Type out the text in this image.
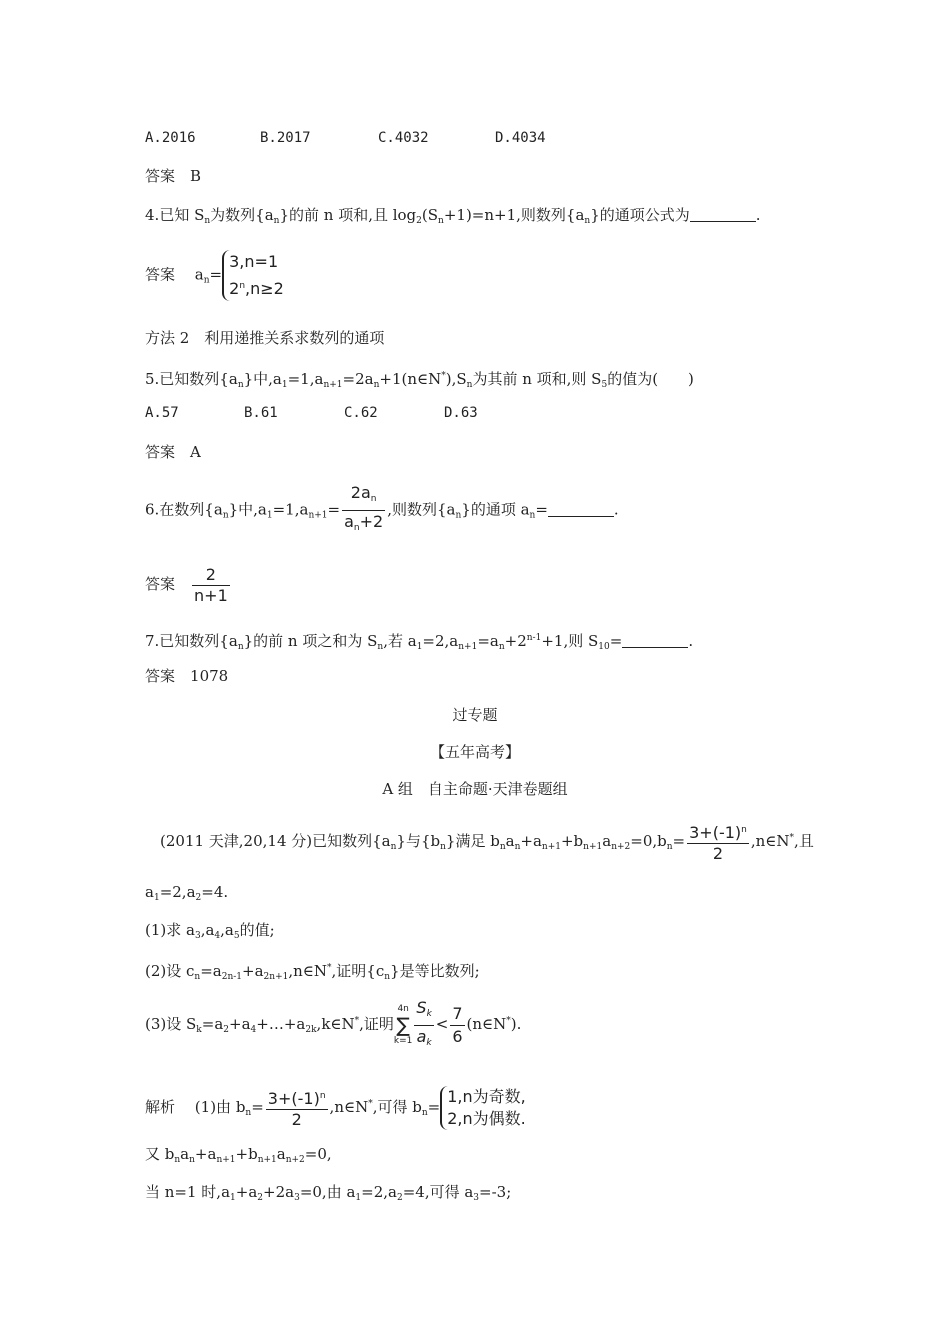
A.2016	B.2017	C.4032	D.4034
答案　 B
4.已知 $S_n$为数列$\{a_n\}$的前 n 项和,且 $\log_2(S_n+1)=n+1$,则数列$\{a_n\}$的通项公式为	.
答案　 $a_n=$
3,n=1
$2^n,n\ge 2$
方法 2　利用递推关系求数列的通项
5.已知数列$\{a_n\}$中$,a_1=1,a_{n+1}=2a_n+1(n\in N^*),S_n$为其前 n 项和,则 $S_5$的值为(　　)
A.57	B.61	C.62	D.63
答案　 A
6.在数列$\{a_n\}$中$,a_1=1,a_{n+1}= \frac{2a_n}{a_n+2}$ ,则数列$\{a_n\}$的通项 $a_n=$	.
答案　 $\frac{2}{n+1}$
7.已知数列$\{a_n\}$的前 n 项之和为 $S_n$,若 $a_1=2,a_{n+1}=a_n+2^{n-1}+1$,则 $S_{10}=$	.
答案　 1078
过专题
【五年高考】
A 组　自主命题·天津卷题组
(2011 天津,20,14 分)已知数列$\{a_n\}$与$\{b_n\}$满足 $b_na_n+a_{n+1}+b_{n+1}a_{n+2}=0,b_n= \frac{3+(-1)^n}{2}$ ,n∈N*,且
$a_1=2,a_2=4$.
(1)求 $a_3,a_4,a_5$的值;
(2)设 $c_n=a_{2n-1}+a_{2n+1},n\in N^*$,证明$\{c_n\}$是等比数列;
(3)设 $S_k=a_2+a_4+\dots+a_{2k},k\in N^*$,证明
4n
∑
$k=1 \frac{S_k}{a_k} < \frac{7}{6}$ (n∈N*).
解析　 (1)由 $b_n= \frac{3+(-1)^n}{2}$ ,n∈N*,可得 $b_n=$
1,n为奇数,
2,n为偶数.
又 $b_na_n+a_{n+1}+b_{n+1}a_{n+2}=0$,
当 n=1 时$,a_1+a_2+2a_3=0$,由 $a_1=2,a_2=4$,可得 $a_3=-3$;
